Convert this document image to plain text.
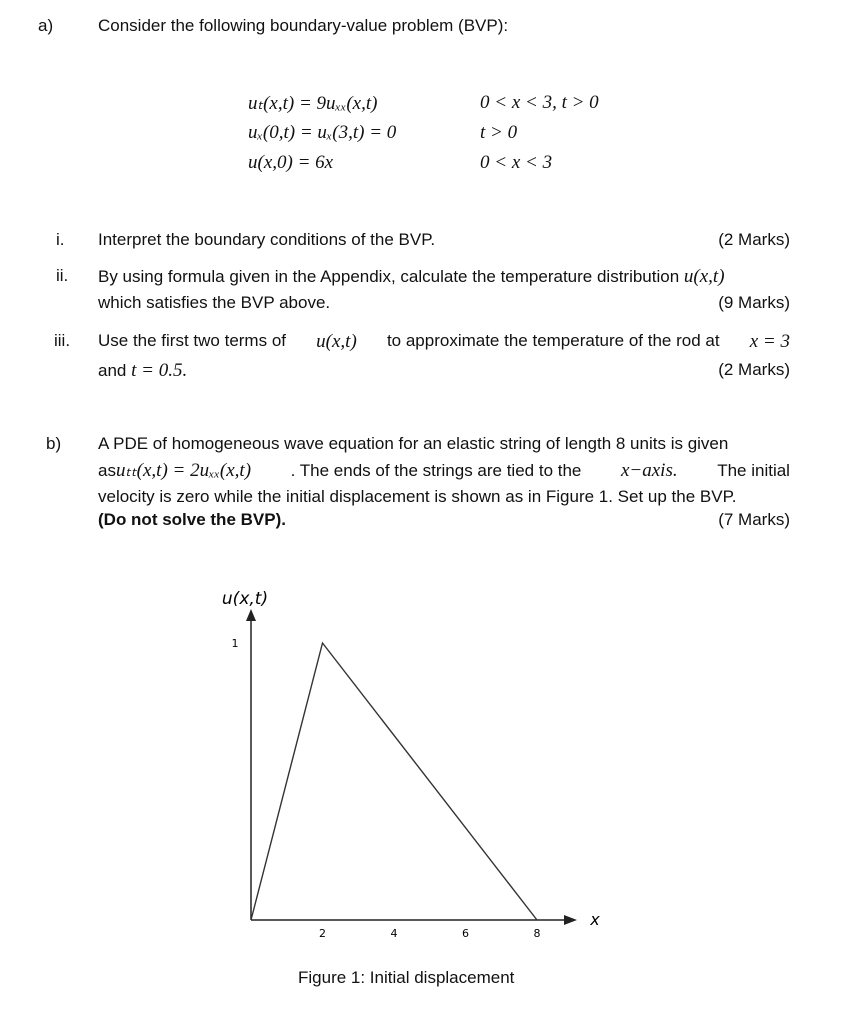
a)	Consider the following boundary-value problem (BVP):
uₜ(x,t) = 9uₓₓ(x,t)	0 < x < 3, t > 0
uₓ(0,t) = uₓ(3,t) = 0	t > 0
u(x,0) = 6x	0 < x < 3
i. Interpret the boundary conditions of the BVP.	(2 Marks)
ii. By using formula given in the Appendix, calculate the temperature distribution u(x,t)
which satisfies the BVP above.	(9 Marks)
iii. Use the first two terms of u(x,t) to approximate the temperature of the rod at x = 3
and t = 0.5.	(2 Marks)
b) A PDE of homogeneous wave equation for an elastic string of length 8 units is given
asuₜₜ(x,t) = 2uₓₓ(x,t) . The ends of the strings are tied to the x−axis. The initial
velocity is zero while the initial displacement is shown as in Figure 1. Set up the BVP.
(Do not solve the BVP).	(7 Marks)
u(x,t)
x
2	4	6	8
1
Figure 1: Initial displacement
